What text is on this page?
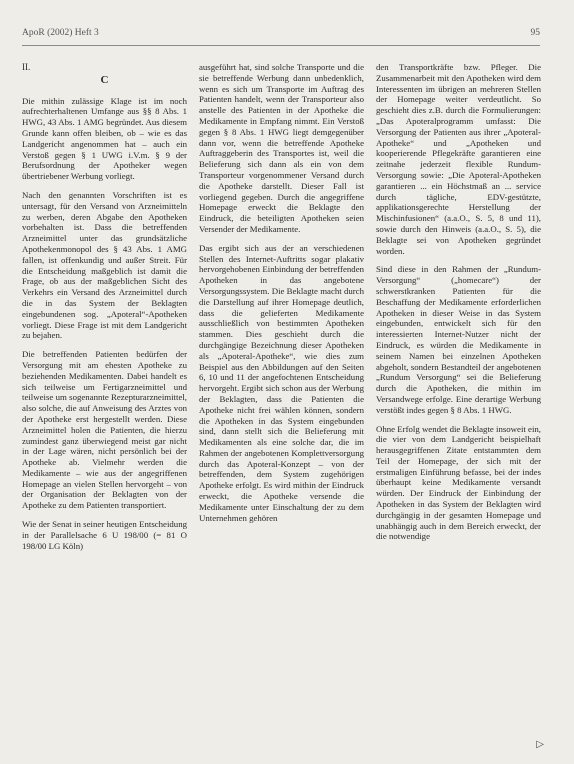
ApoR (2002) Heft 3	95

II.

C

Die mithin zulässige Klage ist im noch aufrechterhaltenen Umfange aus §§ 8 Abs. 1 HWG, 43 Abs. 1 AMG begründet. Aus diesem Grunde kann offen bleiben, ob – wie es das Landgericht angenommen hat – auch ein Verstoß gegen § 1 UWG i.V.m. § 9 der Berufsordnung der Apotheker wegen übertriebener Werbung vorliegt.

Nach den genannten Vorschriften ist es untersagt, für den Versand von Arzneimitteln zu werben, deren Abgabe den Apotheken vorbehalten ist. Dass die betreffenden Arzneimittel unter das grundsätzliche Apothekenmonopol des § 43 Abs. 1 AMG fallen, ist offenkundig und außer Streit. Für die Entscheidung maßgeblich ist damit die Frage, ob aus der maßgeblichen Sicht des Verkehrs ein Versand des Arzneimittel durch die in das System der Beklagten eingebundenen sog. „Apoteral“-Apotheken vorliegt. Diese Frage ist mit dem Landgericht zu bejahen.

Die betreffenden Patienten bedürfen der Versorgung mit am ehesten Apotheke zu beziehenden Medikamenten. Dabei handelt es sich teilweise um Fertigarzneimittel und teilweise um sogenannte Rezepturarzneimittel, also solche, die auf Anweisung des Arztes von der Apotheke erst hergestellt werden. Diese Arzneimittel holen die Patienten, die hierzu zumindest ganz überwiegend meist gar nicht in der Lage wären, nicht persönlich bei der Apotheke ab. Vielmehr werden die Medikamente – wie aus der angegriffenen Homepage an vielen Stellen hervorgeht – von der Organisation der Beklagten von der Apotheke zu dem Patienten transportiert.

Wie der Senat in seiner heutigen Entscheidung in der Parallelsache 6 U 198/00 (= 81 O 198/00 LG Köln)

ausgeführt hat, sind solche Transporte und die sie betreffende Werbung dann unbedenklich, wenn es sich um Transporte im Auftrag des Patienten handelt, wenn der Transporteur also anstelle des Patienten in der Apotheke die Medikamente in Empfang nimmt. Ein Verstoß gegen § 8 Abs. 1 HWG liegt demgegenüber dann vor, wenn die betreffende Apotheke Auftraggeberin des Transportes ist, weil die Belieferung sich dann als ein von dem Transporteur vorgenommener Versand durch die Apotheke darstellt. Dieser Fall ist vorliegend gegeben. Durch die angegriffene Homepage erweckt die Beklagte den Eindruck, die beteiligten Apotheken seien Versender der Medikamente.

Das ergibt sich aus der an verschiedenen Stellen des Internet-Auftritts sogar plakativ hervorgehobenen Einbindung der betreffenden Apotheken in das angebotene Versorgungssystem. Die Beklagte macht durch die Darstellung auf ihrer Homepage deutlich, dass die gelieferten Medikamente ausschließlich von bestimmten Apotheken stammen. Dies geschieht durch die durchgängige Bezeichnung dieser Apotheken als „Apoteral-Apotheke“, wie dies zum Beispiel aus den Abbildungen auf den Seiten 6, 10 und 11 der angefochtenen Entscheidung hervorgeht. Ergibt sich schon aus der Werbung der Beklagten, dass die Patienten die Apotheke nicht frei wählen können, sondern die Apotheken in das System eingebunden sind, dann stellt sich die Belieferung mit Medikamenten als eine solche dar, die im Rahmen der angebotenen Komplettversorgung durch das Apoteral-Konzept – von der betreffenden, dem System zugehörigen Apotheke erfolgt. Es wird mithin der Eindruck erweckt, die Apotheke versende die Medikamente unter Einschaltung der zu dem Unternehmen gehören

den Transportkräfte bzw. Pfleger. Die Zusammenarbeit mit den Apotheken wird dem Interessenten im übrigen an mehreren Stellen der Homepage weiter verdeutlicht. So geschieht dies z.B. durch die Formulierungen: „Das Apoteralprogramm umfasst: Die Versorgung der Patienten aus ihrer „Apoteral-Apotheke“ und „Apotheken und kooperierende Pflegekräfte garantieren eine zeitnahe jederzeit flexible Rundum-Versorgung sowie: „Die Apoteral-Apotheken garantieren ... ein Höchstmaß an ... service durch tägliche, EDV-gestützte, applikationsgerechte Herstellung der Mischinfusionen“ (a.a.O., S. 5, 8 und 11), sowie durch den Hinweis (a.a.O., S. 5), die Beklagte sei von Apotheken gegründet worden.

Sind diese in den Rahmen der „Rundum-Versorgung“ („homecare“) der schwerstkranken Patienten für die Beschaffung der Medikamente erforderlichen Apotheken in dieser Weise in das System eingebunden, entwickelt sich für den interessierten Internet-Nutzer nicht der Eindruck, es würden die Medikamente in seinem Namen bei einzelnen Apotheken abgeholt, sondern Bestandteil der angebotenen „Rundum Versorgung“ sei die Belieferung durch die Apotheken, die mithin im Versandwege erfolge. Eine derartige Werbung verstößt indes gegen § 8 Abs. 1 HWG.

Ohne Erfolg wendet die Beklagte insoweit ein, die vier von dem Landgericht beispielhaft herausgegriffenen Zitate entstammten dem Teil der Homepage, der sich mit der erstmaligen Einführung befasse, bei der indes überhaupt keine Medikamente versandt würden. Der Eindruck der Einbindung der Apotheken in das System der Beklagten wird durchgängig in der gesamten Homepage und unabhängig auch in dem Bereich erweckt, der die notwendige

▷
